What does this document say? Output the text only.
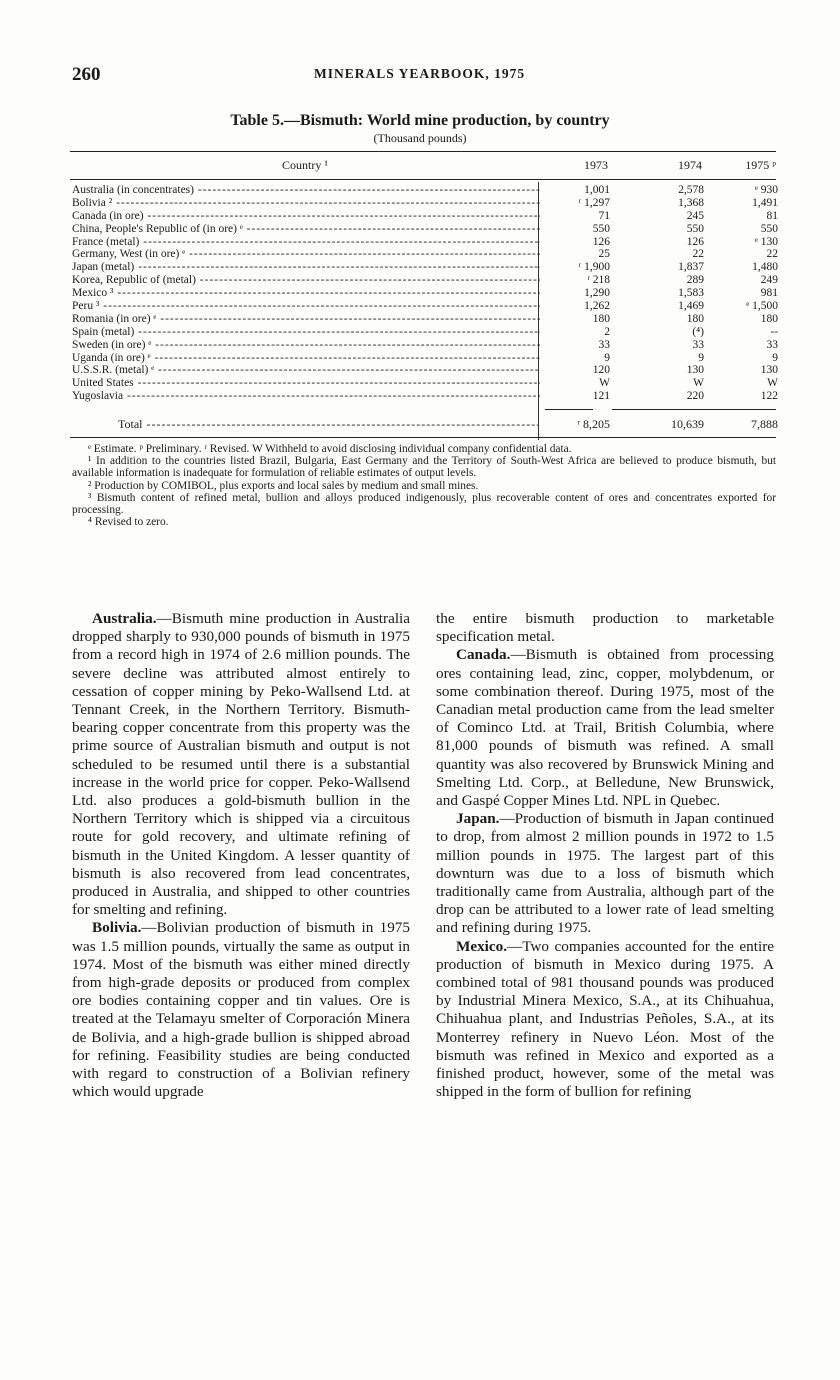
260	MINERALS YEARBOOK, 1975
Table 5.—Bismuth: World mine production, by country
(Thousand pounds)
Country ¹	1973	1974	1975 ᵖ
Australia (in concentrates) -----	1,001	2,578	ᵉ 930
Bolivia ² -----	ʳ 1,297	1,368	1,491
Canada (in ore) -----	71	245	81
China, People's Republic of (in ore) ᵉ -----	550	550	550
France (metal) -----	126	126	ᵉ 130
Germany, West (in ore) ᵉ -----	25	22	22
Japan (metal) -----	ʳ 1,900	1,837	1,480
Korea, Republic of (metal) -----	ʳ 218	289	249
Mexico ³ -----	1,290	1,583	981
Peru ³ -----	1,262	1,469	ᵉ 1,500
Romania (in ore) ᵉ -----	180	180	180
Spain (metal) -----	2	(⁴)	--
Sweden (in ore) ᵉ -----	33	33	33
Uganda (in ore) ᵉ -----	9	9	9
U.S.S.R. (metal) ᵉ -----	120	130	130
United States -----	W	W	W
Yugoslavia -----	121	220	122
Total -----	ʳ 8,205	10,639	7,888

ᵉ Estimate. ᵖ Preliminary. ʳ Revised. W Withheld to avoid disclosing individual company confidential data.

¹ In addition to the countries listed Brazil, Bulgaria, East Germany and the Territory of South-West Africa are believed to produce bismuth, but available information is inadequate for formulation of reliable estimates of output levels.

² Production by COMIBOL, plus exports and local sales by medium and small mines.

³ Bismuth content of refined metal, bullion and alloys produced indigenously, plus recoverable content of ores and concentrates exported for processing.

⁴ Revised to zero.

Australia.—Bismuth mine production in Australia dropped sharply to 930,000 pounds of bismuth in 1975 from a record high in 1974 of 2.6 million pounds. The severe decline was attributed almost entirely to cessation of copper mining by Peko-Wallsend Ltd. at Tennant Creek, in the Northern Territory. Bismuth-bearing copper concentrate from this property was the prime source of Australian bismuth and output is not scheduled to be resumed until there is a substantial increase in the world price for copper. Peko-Wallsend Ltd. also produces a gold-bismuth bullion in the Northern Territory which is shipped via a circuitous route for gold recovery, and ultimate refining of bismuth in the United Kingdom. A lesser quantity of bismuth is also recovered from lead concentrates, produced in Australia, and shipped to other countries for smelting and refining.

Bolivia.—Bolivian production of bismuth in 1975 was 1.5 million pounds, virtually the same as output in 1974. Most of the bismuth was either mined directly from high-grade deposits or produced from complex ore bodies containing copper and tin values. Ore is treated at the Telamayu smelter of Corporación Minera de Bolivia, and a high-grade bullion is shipped abroad for refining. Feasibility studies are being conducted with regard to construction of a Bolivian refinery which would upgrade

the entire bismuth production to marketable specification metal.

Canada.—Bismuth is obtained from processing ores containing lead, zinc, copper, molybdenum, or some combination thereof. During 1975, most of the Canadian metal production came from the lead smelter of Cominco Ltd. at Trail, British Columbia, where 81,000 pounds of bismuth was refined. A small quantity was also recovered by Brunswick Mining and Smelting Ltd. Corp., at Belledune, New Brunswick, and Gaspé Copper Mines Ltd. NPL in Quebec.

Japan.—Production of bismuth in Japan continued to drop, from almost 2 million pounds in 1972 to 1.5 million pounds in 1975. The largest part of this downturn was due to a loss of bismuth which traditionally came from Australia, although part of the drop can be attributed to a lower rate of lead smelting and refining during 1975.

Mexico.—Two companies accounted for the entire production of bismuth in Mexico during 1975. A combined total of 981 thousand pounds was produced by Industrial Minera Mexico, S.A., at its Chihuahua, Chihuahua plant, and Industrias Peñoles, S.A., at its Monterrey refinery in Nuevo Léon. Most of the bismuth was refined in Mexico and exported as a finished product, however, some of the metal was shipped in the form of bullion for refining
